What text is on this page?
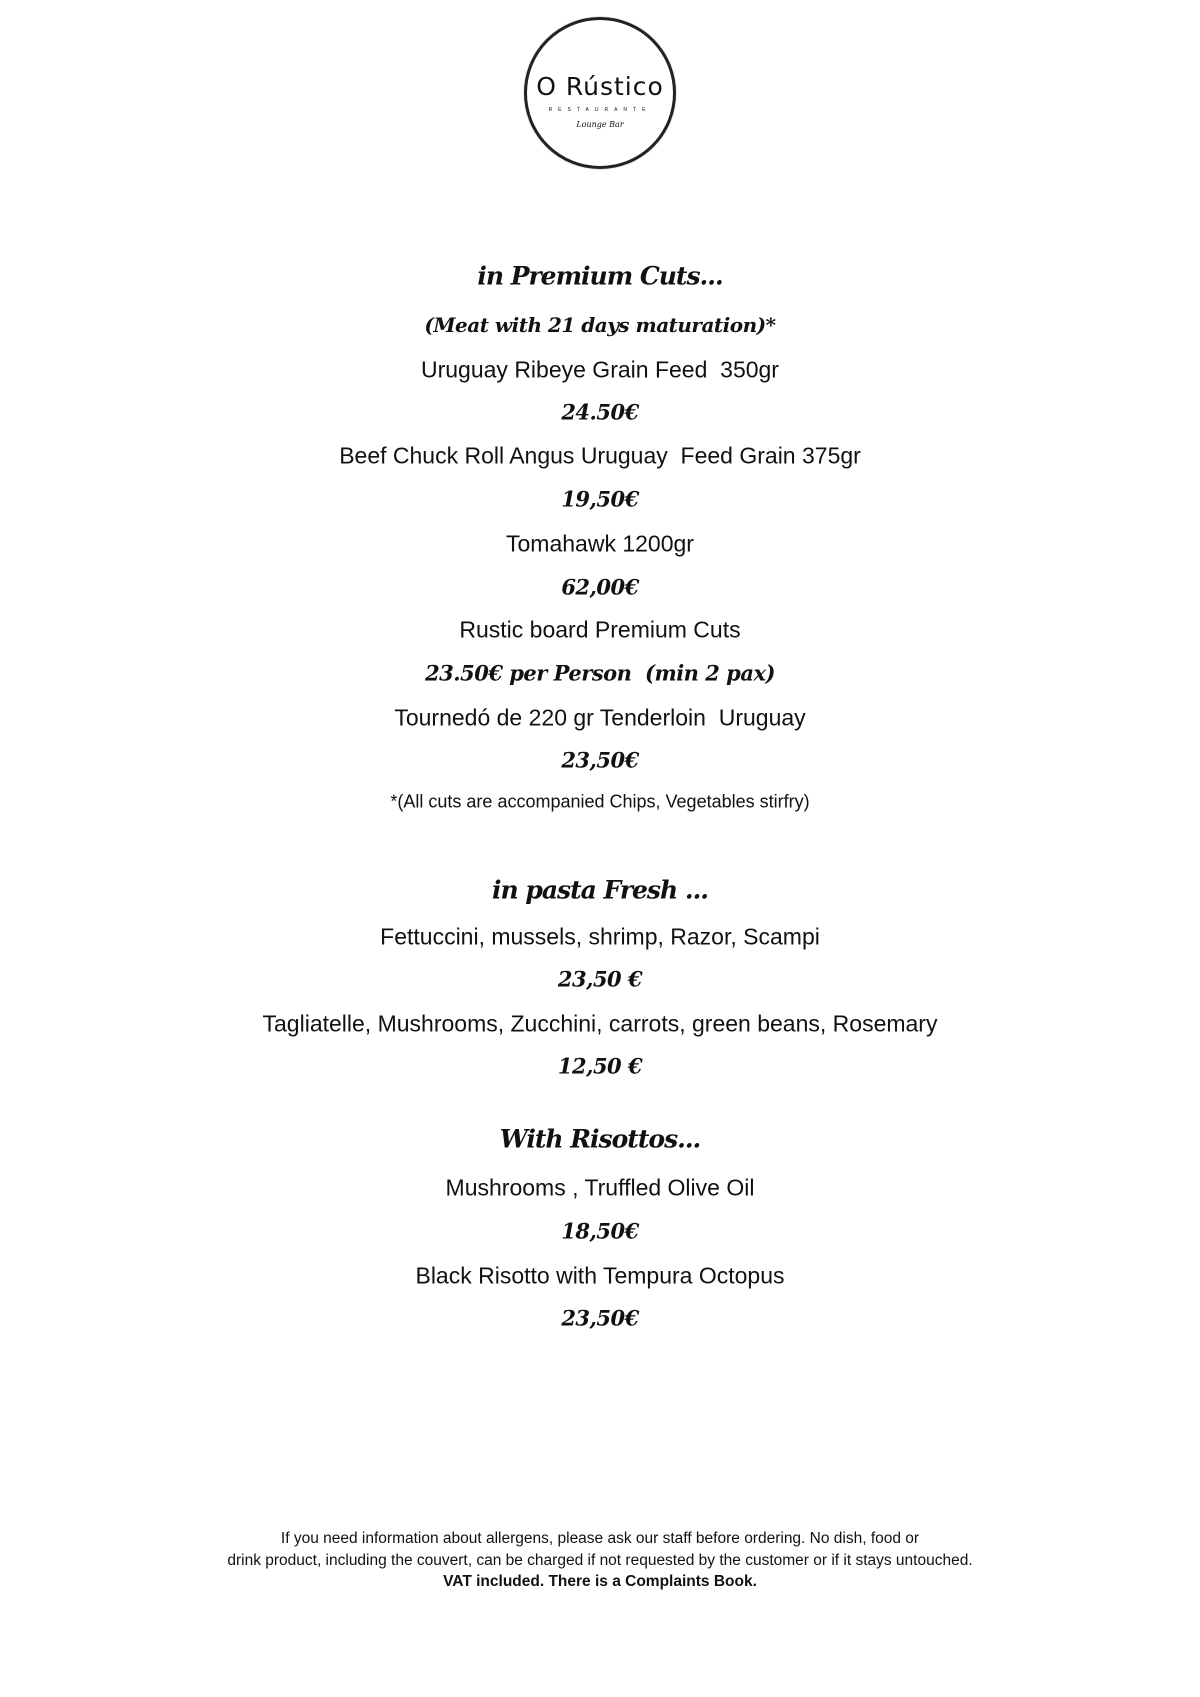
O Rústico
RESTAURANTE
Lounge Bar
in Premium Cuts...
(Meat with 21 days maturation)*
Uruguay Ribeye Grain Feed  350gr
24.50€
Beef Chuck Roll Angus Uruguay  Feed Grain 375gr
19,50€
Tomahawk 1200gr
62,00€
Rustic board Premium Cuts
23.50€ per Person  (min 2 pax)
Tournedó de 220 gr Tenderloin  Uruguay
23,50€
*(All cuts are accompanied Chips, Vegetables stirfry)
in pasta Fresh ...
Fettuccini, mussels, shrimp, Razor, Scampi
23,50 €
Tagliatelle, Mushrooms, Zucchini, carrots, green beans, Rosemary
12,50 €
With Risottos...
Mushrooms , Truffled Olive Oil
18,50€
Black Risotto with Tempura Octopus
23,50€
If you need information about allergens, please ask our staff before ordering. No dish, food or
drink product, including the couvert, can be charged if not requested by the customer or if it stays untouched.
VAT included. There is a Complaints Book.
